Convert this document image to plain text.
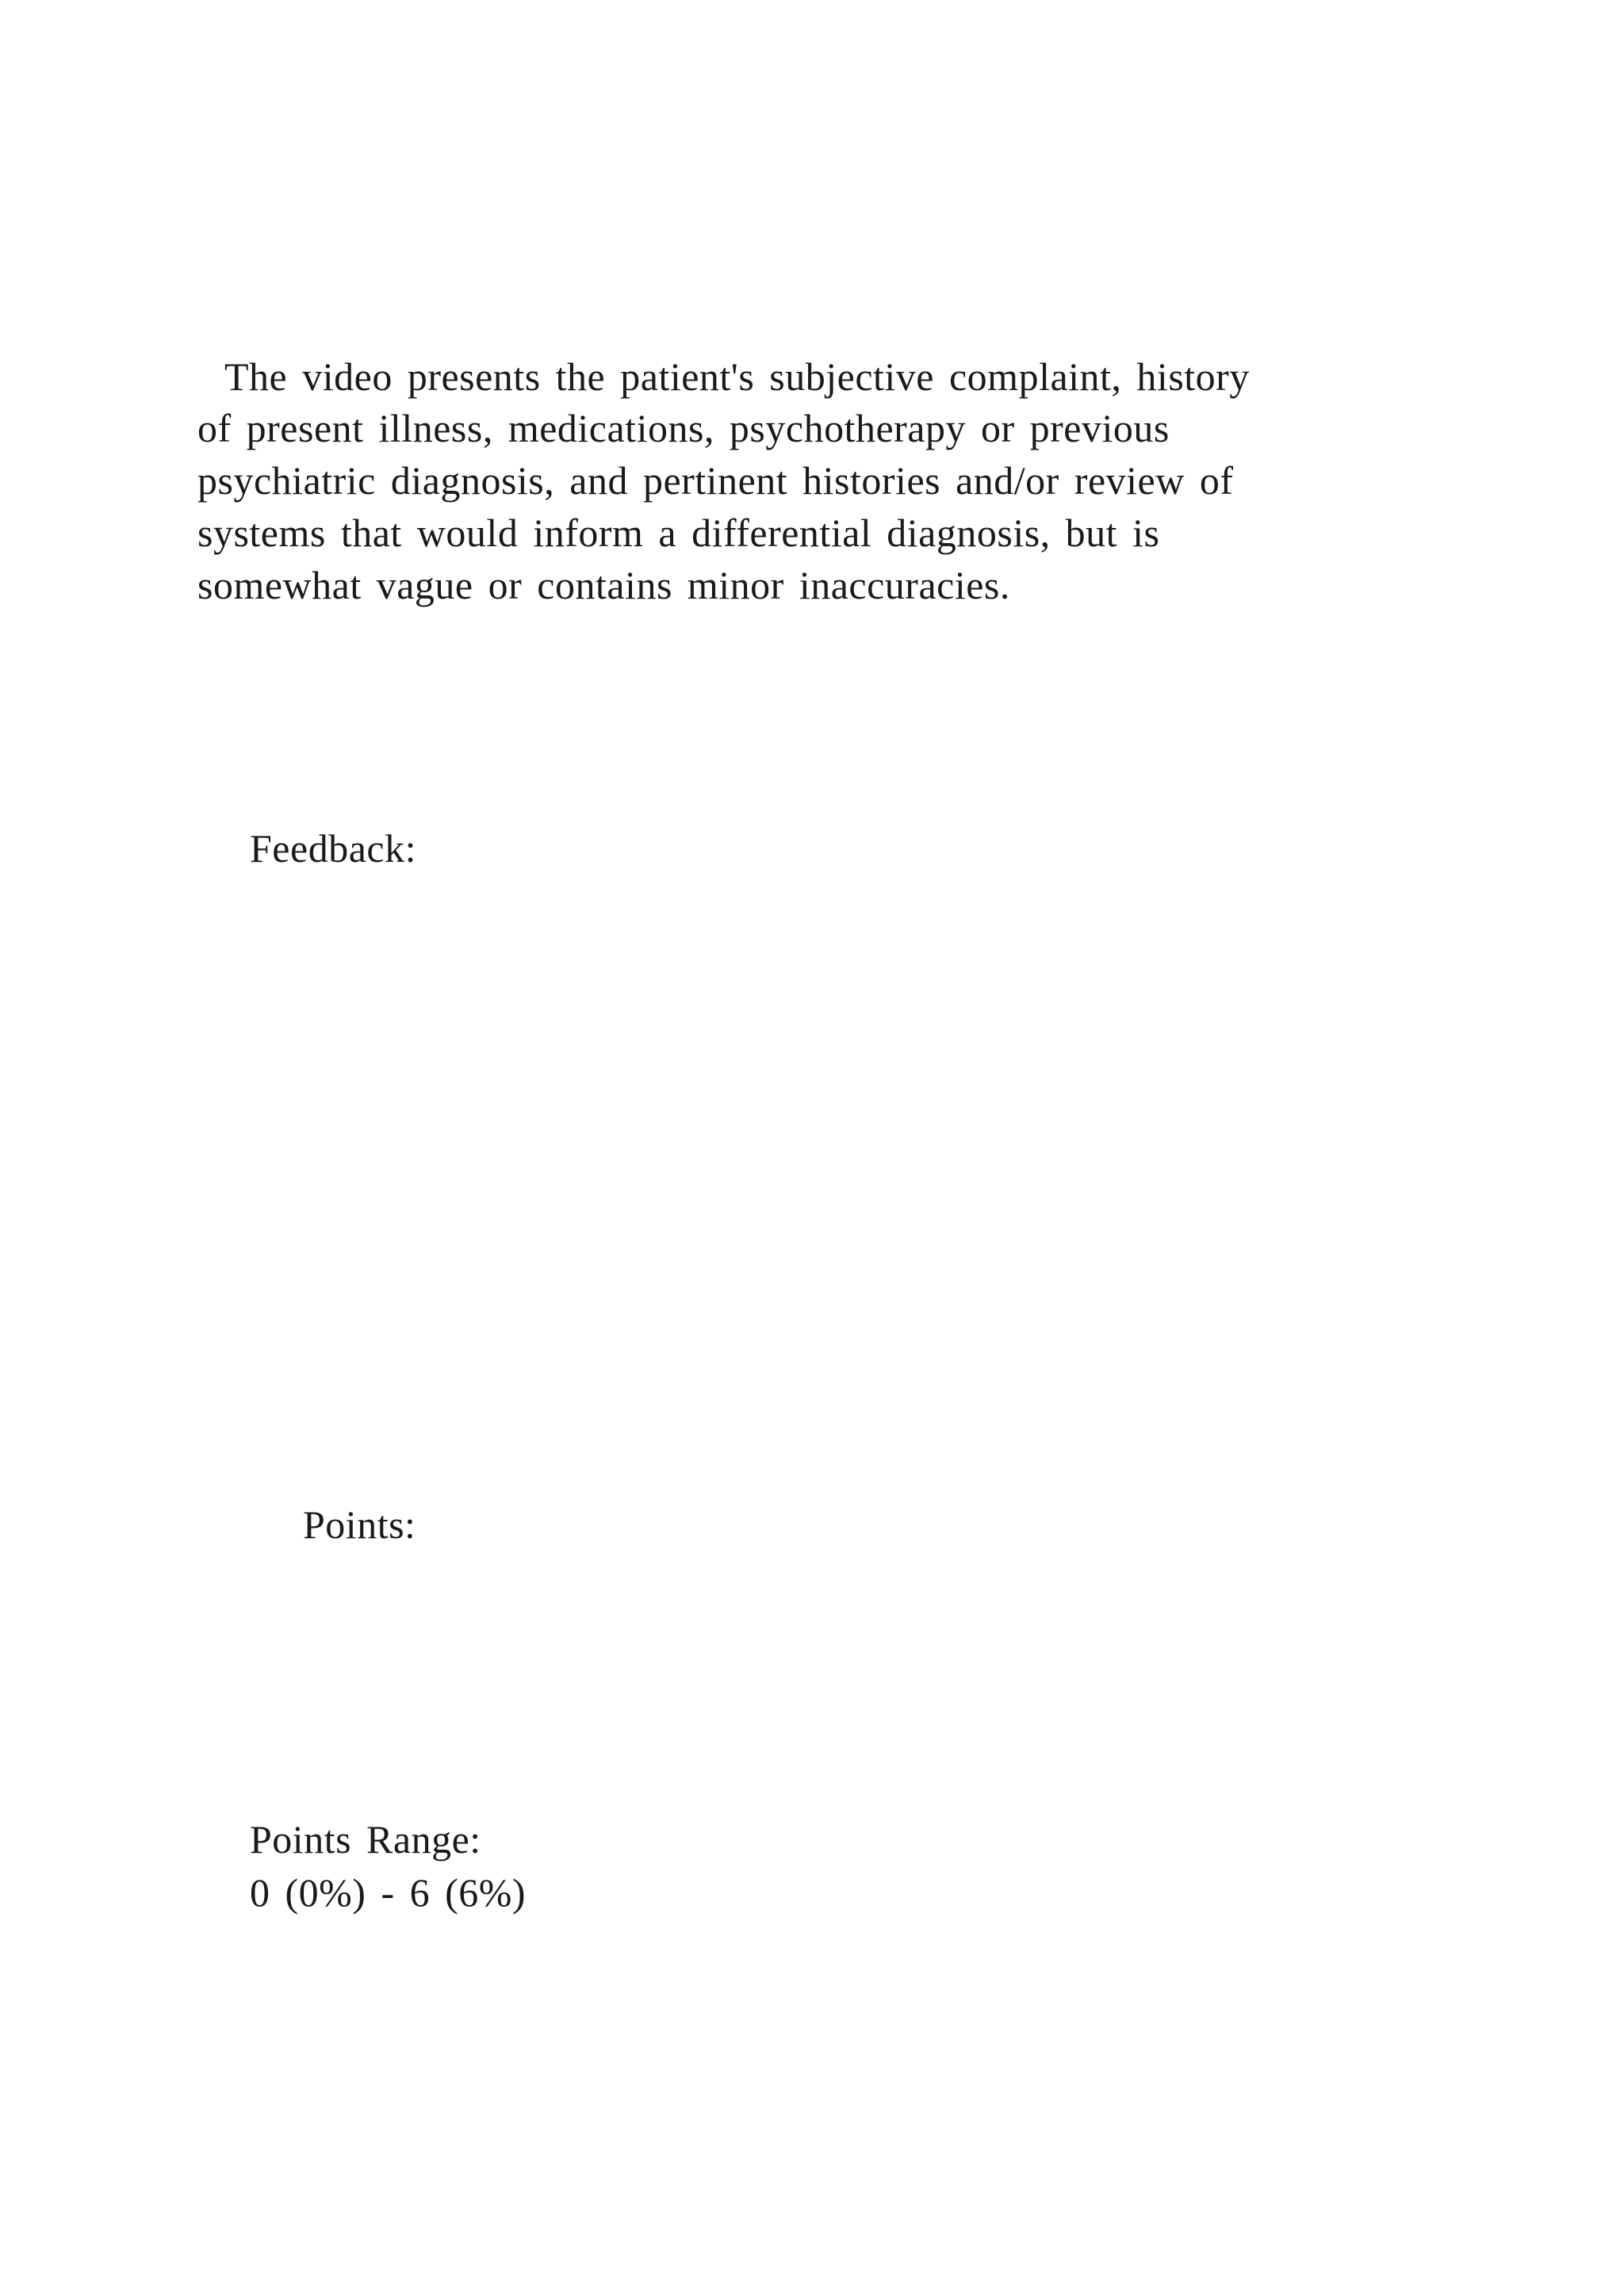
The video presents the patient's subjective complaint, history
of present illness, medications, psychotherapy or previous
psychiatric diagnosis, and pertinent histories and/or review of
systems that would inform a differential diagnosis, but is
somewhat vague or contains minor inaccuracies.
Feedback:
Points:
Points Range:
0 (0%) - 6 (6%)
